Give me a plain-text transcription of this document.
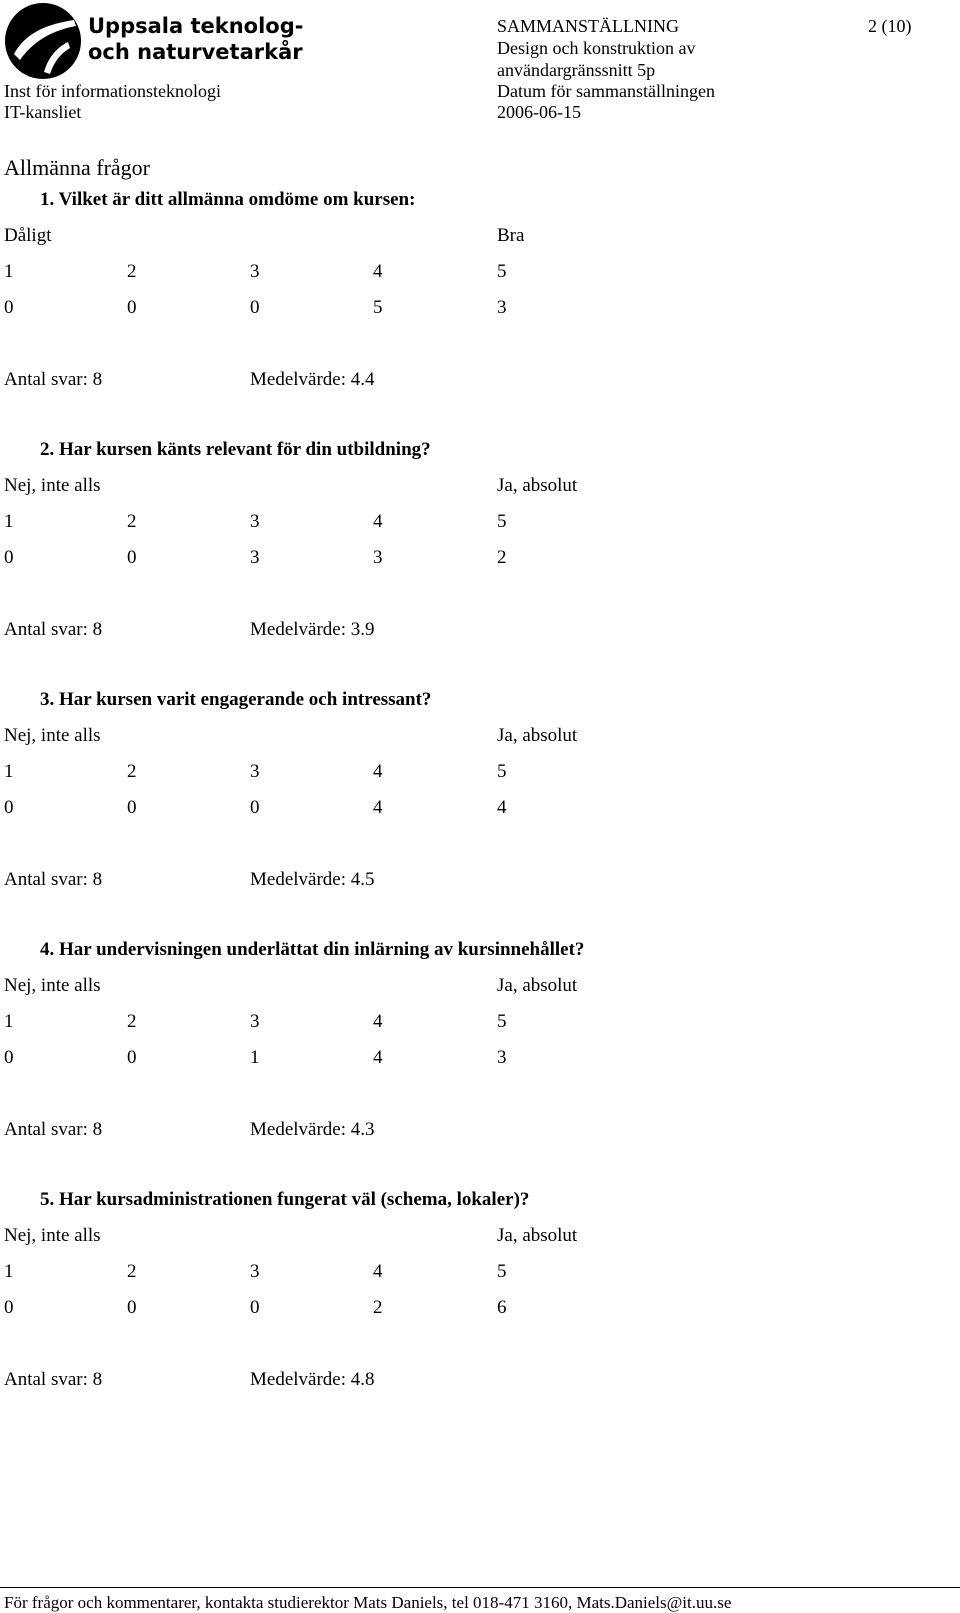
Uppsala teknolog-
och naturvetarkår
Inst för informationsteknologi
IT-kansliet
SAMMANSTÄLLNING
Design och konstruktion av
användargränssnitt 5p
Datum för sammanställningen
2006-06-15
2 (10)
Allmänna frågor
1. Vilket är ditt allmänna omdöme om kursen:
Dåligt	Bra
1	2	3	4	5
0	0	0	5	3
Antal svar: 8	Medelvärde: 4.4
2. Har kursen känts relevant för din utbildning?
Nej, inte alls	Ja, absolut
1	2	3	4	5
0	0	3	3	2
Antal svar: 8	Medelvärde: 3.9
3. Har kursen varit engagerande och intressant?
Nej, inte alls	Ja, absolut
1	2	3	4	5
0	0	0	4	4
Antal svar: 8	Medelvärde: 4.5
4. Har undervisningen underlättat din inlärning av kursinnehållet?
Nej, inte alls	Ja, absolut
1	2	3	4	5
0	0	1	4	3
Antal svar: 8	Medelvärde: 4.3
5. Har kursadministrationen fungerat väl (schema, lokaler)?
Nej, inte alls	Ja, absolut
1	2	3	4	5
0	0	0	2	6
Antal svar: 8	Medelvärde: 4.8
För frågor och kommentarer, kontakta studierektor Mats Daniels, tel 018-471 3160, Mats.Daniels@it.uu.se
